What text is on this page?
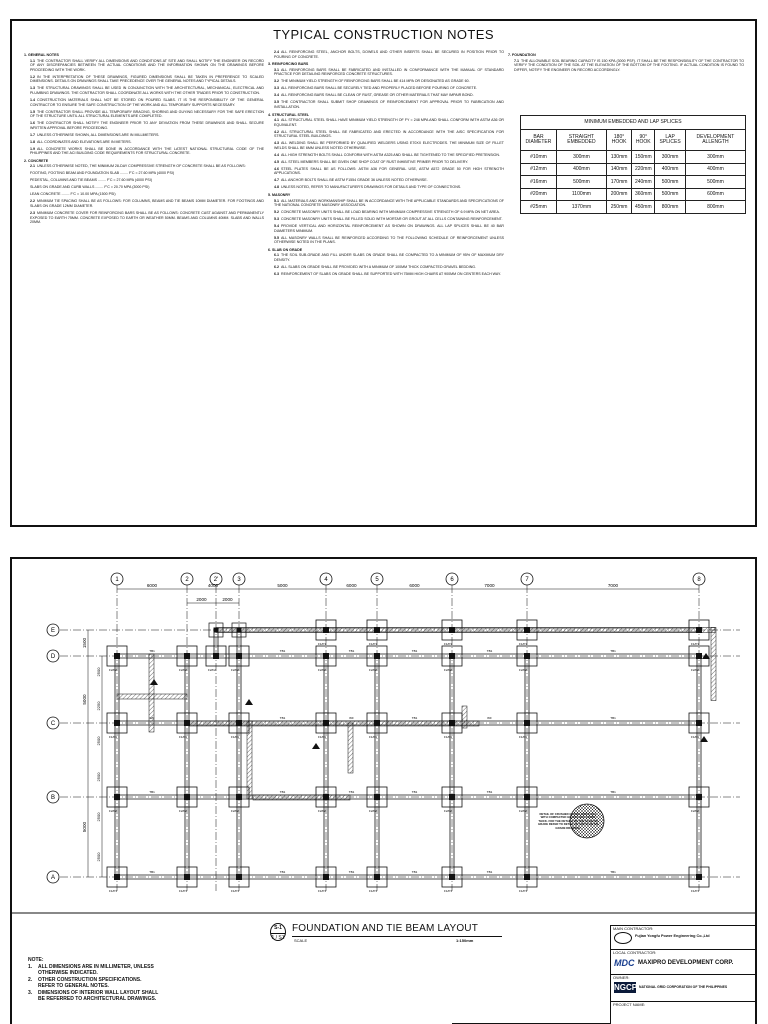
TYPICAL CONSTRUCTION NOTES
1. GENERAL NOTES
1.1 THE CONTRACTOR SHALL VERIFY ALL DIMENSIONS AND CONDITIONS AT SITE AND SHALL NOTIFY THE ENGINEER ON RECORD OF ANY DISCREPANCIES BETWEEN THE ACTUAL CONDITIONS AND THE INFORMATION SHOWN ON THE DRAWINGS BEFORE PROCEEDING WITH THE WORK.
1.2 IN THE INTERPRETATION OF THESE DRAWINGS, FIGURED DIMENSIONS SHALL BE TAKEN IN PREFERENCE TO SCALED DIMENSIONS. DETAILS ON DRAWINGS SHALL TAKE PRECEDENCE OVER THE GENERAL NOTES AND TYPICAL DETAILS.
1.3 THE STRUCTURAL DRAWINGS SHALL BE USED IN CONJUNCTION WITH THE ARCHITECTURAL, MECHANICAL, ELECTRICAL AND PLUMBING DRAWINGS. THE CONTRACTOR SHALL COORDINATE ALL WORKS WITH THE OTHER TRADES PRIOR TO CONSTRUCTION.
1.4 CONSTRUCTION MATERIALS SHALL NOT BE STORED ON POURED SLABS. IT IS THE RESPONSIBILITY OF THE GENERAL CONTRACTOR TO ENSURE THE SAFE CONSTRUCTION OF THE WORK AND ALL TEMPORARY SUPPORTS NECESSARY.
1.5 THE CONTRACTOR SHALL PROVIDE ALL TEMPORARY BRACING, SHORING AND GUYING NECESSARY FOR THE SAFE ERECTION OF THE STRUCTURE UNTIL ALL STRUCTURAL ELEMENTS ARE COMPLETED.
1.6 THE CONTRACTOR SHALL NOTIFY THE ENGINEER PRIOR TO ANY DEVIATION FROM THESE DRAWINGS AND SHALL SECURE WRITTEN APPROVAL BEFORE PROCEEDING.
1.7 UNLESS OTHERWISE SHOWN, ALL DIMENSIONS ARE IN MILLIMETERS.
1.8 ALL COORDINATES AND ELEVATIONS ARE IN METERS.
1.9 ALL CONCRETE WORKS SHALL BE DONE IN ACCORDANCE WITH THE LATEST NATIONAL STRUCTURAL CODE OF THE PHILIPPINES AND THE ACI BUILDING CODE REQUIREMENTS FOR STRUCTURAL CONCRETE.
2. CONCRETE
2.1 UNLESS OTHERWISE NOTED, THE MINIMUM 28-DAY COMPRESSIVE STRENGTH OF CONCRETE SHALL BE AS FOLLOWS:
FOOTING, FOOTING BEAM AND FOUNDATION SLAB ........ F'C = 27.60 MPA (4000 PSI)
PEDESTAL, COLUMNS AND TIE BEAMS ........ F'C = 27.60 MPA (4000 PSI)
SLABS ON GRADE AND CURB WALLS ........ F'C = 20.70 MPA (3000 PSI)
LEAN CONCRETE ........ F'C = 10.00 MPA (1500 PSI)
2.2 MINIMUM TIE SPACING SHALL BE AS FOLLOWS: FOR COLUMNS, BEAMS AND TIE BEAMS 10MM DIAMETER. FOR FOOTINGS AND SLABS ON GRADE 12MM DIAMETER.
2.3 MINIMUM CONCRETE COVER FOR REINFORCING BARS SHALL BE AS FOLLOWS: CONCRETE CAST AGAINST AND PERMANENTLY EXPOSED TO EARTH 75MM. CONCRETE EXPOSED TO EARTH OR WEATHER 50MM. BEAMS AND COLUMNS 40MM. SLABS AND WALLS 20MM.
2.4 ALL REINFORCING STEEL, ANCHOR BOLTS, DOWELS AND OTHER INSERTS SHALL BE SECURED IN POSITION PRIOR TO POURING OF CONCRETE.
3. REINFORCING BARS
3.1 ALL REINFORCING BARS SHALL BE FABRICATED AND INSTALLED IN CONFORMANCE WITH THE MANUAL OF STANDARD PRACTICE FOR DETAILING REINFORCED CONCRETE STRUCTURES.
3.2 THE MINIMUM YIELD STRENGTH OF REINFORCING BARS SHALL BE 414 MPA OR DESIGNATED AS GRADE 60.
3.3 ALL REINFORCING BARS SHALL BE SECURELY TIED AND PROPERLY PLACED BEFORE POURING OF CONCRETE.
3.4 ALL REINFORCING BARS SHALL BE CLEAN OF RUST, GREASE OR OTHER MATERIALS THAT MAY IMPAIR BOND.
3.5 THE CONTRACTOR SHALL SUBMIT SHOP DRAWINGS OF REINFORCEMENT FOR APPROVAL PRIOR TO FABRICATION AND INSTALLATION.
4. STRUCTURAL STEEL
4.1 ALL STRUCTURAL STEEL SHALL HAVE MINIMUM YIELD STRENGTH OF FY = 248 MPA AND SHALL CONFORM WITH ASTM A36 OR EQUIVALENT.
4.2 ALL STRUCTURAL STEEL SHALL BE FABRICATED AND ERECTED IN ACCORDANCE WITH THE AISC SPECIFICATION FOR STRUCTURAL STEEL BUILDINGS.
4.3 ALL WELDING SHALL BE PERFORMED BY QUALIFIED WELDERS USING E70XX ELECTRODES. THE MINIMUM SIZE OF FILLET WELDS SHALL BE 6MM UNLESS NOTED OTHERWISE.
4.4 ALL HIGH STRENGTH BOLTS SHALL CONFORM WITH ASTM A325 AND SHALL BE TIGHTENED TO THE SPECIFIED PRETENSION.
4.5 ALL STEEL MEMBERS SHALL BE GIVEN ONE SHOP COAT OF RUST INHIBITIVE PRIMER PRIOR TO DELIVERY.
4.6 STEEL PLATES SHALL BE AS FOLLOWS: ASTM A36 FOR GENERAL USE, ASTM A572 GRADE 50 FOR HIGH STRENGTH APPLICATIONS.
4.7 ALL ANCHOR BOLTS SHALL BE ASTM F1554 GRADE 36 UNLESS NOTED OTHERWISE.
4.8 UNLESS NOTED, REFER TO MANUFACTURER'S DRAWINGS FOR DETAILS AND TYPE OF CONNECTIONS.
5. MASONRY
5.1 ALL MATERIALS AND WORKMANSHIP SHALL BE IN ACCORDANCE WITH THE APPLICABLE STANDARDS AND SPECIFICATIONS OF THE NATIONAL CONCRETE MASONRY ASSOCIATION.
5.2 CONCRETE MASONRY UNITS SHALL BE LOAD BEARING WITH MINIMUM COMPRESSIVE STRENGTH OF 6.9 MPA ON NET AREA.
5.3 CONCRETE MASONRY UNITS SHALL BE FILLED SOLID WITH MORTAR OR GROUT AT ALL CELLS CONTAINING REINFORCEMENT.
5.4 PROVIDE VERTICAL AND HORIZONTAL REINFORCEMENT AS SHOWN ON DRAWINGS. ALL LAP SPLICES SHALL BE 40 BAR DIAMETERS MINIMUM.
5.5 ALL MASONRY WALLS SHALL BE REINFORCED ACCORDING TO THE FOLLOWING SCHEDULE OF REINFORCEMENT UNLESS OTHERWISE NOTED IN THE PLANS.
6. SLAB ON GRADE
6.1 THE SOIL SUB-GRADE AND FILL UNDER SLABS ON GRADE SHALL BE COMPACTED TO A MINIMUM OF 95% OF MAXIMUM DRY DENSITY.
6.2 ALL SLABS ON GRADE SHALL BE PROVIDED WITH A MINIMUM OF 100MM THICK COMPACTED GRAVEL BEDDING.
6.3 REINFORCEMENT OF SLABS ON GRADE SHALL BE SUPPORTED WITH 75MM HIGH CHAIRS AT 900MM ON CENTERS EACH WAY.
7. FOUNDATION
7.1 THE ALLOWABLE SOIL BEARING CAPACITY IS 150 KPA (3000 PSF). IT SHALL BE THE RESPONSIBILITY OF THE CONTRACTOR TO VERIFY THE CONDITION OF THE SOIL AT THE ELEVATION OF THE BOTTOM OF THE FOOTING. IF ACTUAL CONDITION IS FOUND TO DIFFER, NOTIFY THE ENGINEER ON RECORD ACCORDINGLY.
MINIMUM EMBEDDED AND LAP SPLICES					
BAR DIAMETER	STRAIGHT EMBEDDED	180° HOOK	90° HOOK	LAP SPLICES	DEVELOPMENT ALLENGTH
#10mm	300mm	130mm	150mm	300mm	300mm
#12mm	400mm	140mm	220mm	400mm	400mm
#16mm	500mm	170mm	240mm	500mm	500mm
#20mm	1100mm	200mm	360mm	500mm	600mm
#25mm	1370mm	250mm	450mm	800mm	800mm
6000	4000	5000	6000	6000	7000	7000
2000	2000
1500
5000
5000
2500
2250
2500
2500
2500
2500
1	2	2'	3	4	5	6	7	8
E
D
C
B
A
F2/F2
F1/P1
F2/F2
F1/P1
F2/F2
F1/P1
F2/F2
F1/P1
F2/F2	F2/F2
F1/P1
F2/F2
F1/P1
F1/P1
F2/F2
F1/P1
F2/F2
F1/P1
F1/P1
F2/F2
F1/P1
F2/F2
F1/P1
F1/P1
F2/F2
F1/P1
F2/F2
F1/P1
F1/P1
F2/F2
F1/P1
F2/F2
F1/P1
F1/P1
F2/F2
F1/P1
F2/F2
F1/P1
TB1	TB1	TB1	TB1	TB1	TB1
WF	TB1	WF	TB1	WF	TB1
TB1	TB1	TB1	TB1	TB1	TB1
TB1	TB1	TB1	TB1	TB1	TB1
DETAIL OF CRUSHED GRAVEL/ROCK FILL WITH COMPACTED GRAVEL BED 150MM THICK. FOR THE DETAILS OF THE SLAB ON GRADE REFER TO DETAIL OF THE SLAB ON GRADE DRAWING.
S-1
1 / S1
FOUNDATION AND TIE BEAM LAYOUT
SCALE	1:150mm
NOTE:
1.	ALL DIMENSIONS ARE IN MILLIMETER, UNLESS
OTHERWISE INDICATED.
2.	OTHER CONSTRUCTION SPECIFICATIONS.
REFER TO GENERAL NOTES.
3.	DIMENSIONS OF INTERIOR WALL LAYOUT SHALL
BE REFERRED TO ARCHITECTURAL DRAWINGS.
MAIN CONTRACTOR:
Fujian Yongfu Power Engineering Co.,Ltd
LOCAL CONTRACTOR:
MDC MAXIPRO DEVELOPMENT CORP.
OWNER:
NGCP NATIONAL GRID CORPORATION OF THE PHILIPPINES
PROJECT NAME:
